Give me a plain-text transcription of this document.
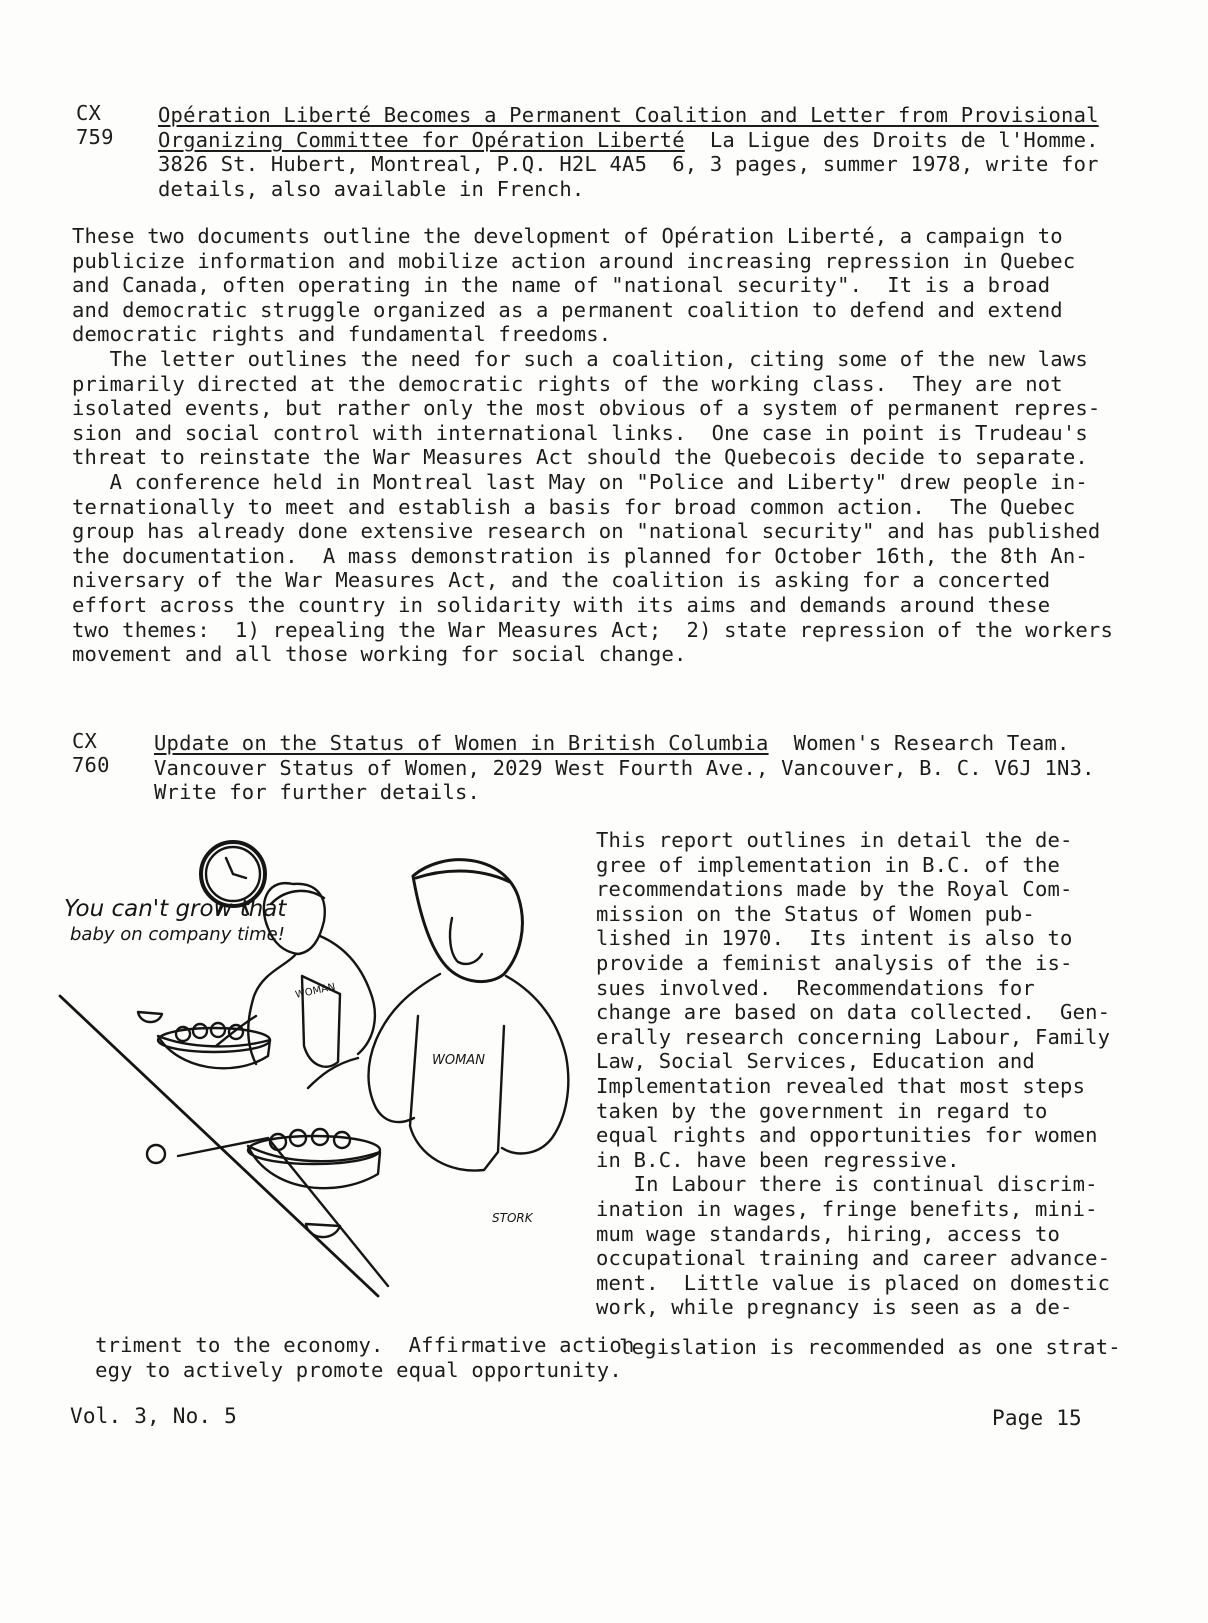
CX
759
Opération Liberté Becomes a Permanent Coalition and Letter from Provisional
Organizing Committee for Opération Liberté La Ligue des Droits de l'Homme.
3826 St. Hubert, Montreal, P.Q. H2L 4A5  6, 3 pages, summer 1978, write for
details, also available in French.
These two documents outline the development of Opération Liberté, a campaign to
publicize information and mobilize action around increasing repression in Quebec
and Canada, often operating in the name of "national security".  It is a broad
and democratic struggle organized as a permanent coalition to defend and extend
democratic rights and fundamental freedoms.
The letter outlines the need for such a coalition, citing some of the new laws
primarily directed at the democratic rights of the working class.  They are not
isolated events, but rather only the most obvious of a system of permanent repres-
sion and social control with international links.  One case in point is Trudeau's
threat to reinstate the War Measures Act should the Quebecois decide to separate.
A conference held in Montreal last May on "Police and Liberty" drew people in-
ternationally to meet and establish a basis for broad common action.  The Quebec
group has already done extensive research on "national security" and has published
the documentation.  A mass demonstration is planned for October 16th, the 8th An-
niversary of the War Measures Act, and the coalition is asking for a concerted
effort across the country in solidarity with its aims and demands around these
two themes:  1) repealing the War Measures Act;  2) state repression of the workers
movement and all those working for social change.
CX
760
Update on the Status of Women in British Columbia Women's Research Team.
Vancouver Status of Women, 2029 West Fourth Ave., Vancouver, B. C. V6J 1N3.
Write for further details.
You can't grow that
baby on company time!
WOMAN
WOMAN
STORK
This report outlines in detail the de-
gree of implementation in B.C. of the
recommendations made by the Royal Com-
mission on the Status of Women pub-
lished in 1970.  Its intent is also to
provide a feminist analysis of the is-
sues involved.  Recommendations for
change are based on data collected.  Gen-
erally research concerning Labour, Family
Law, Social Services, Education and
Implementation revealed that most steps
taken by the government in regard to
equal rights and opportunities for women
in B.C. have been regressive.
In Labour there is continual discrim-
ination in wages, fringe benefits, mini-
mum wage standards, hiring, access to
occupational training and career advance-
ment.  Little value is placed on domestic
work, while pregnancy is seen as a de-

triment to the economy.  Affirmative action

legislation is recommended as one strat-

egy to actively promote equal opportunity.

Vol. 3, No. 5	Page 15
